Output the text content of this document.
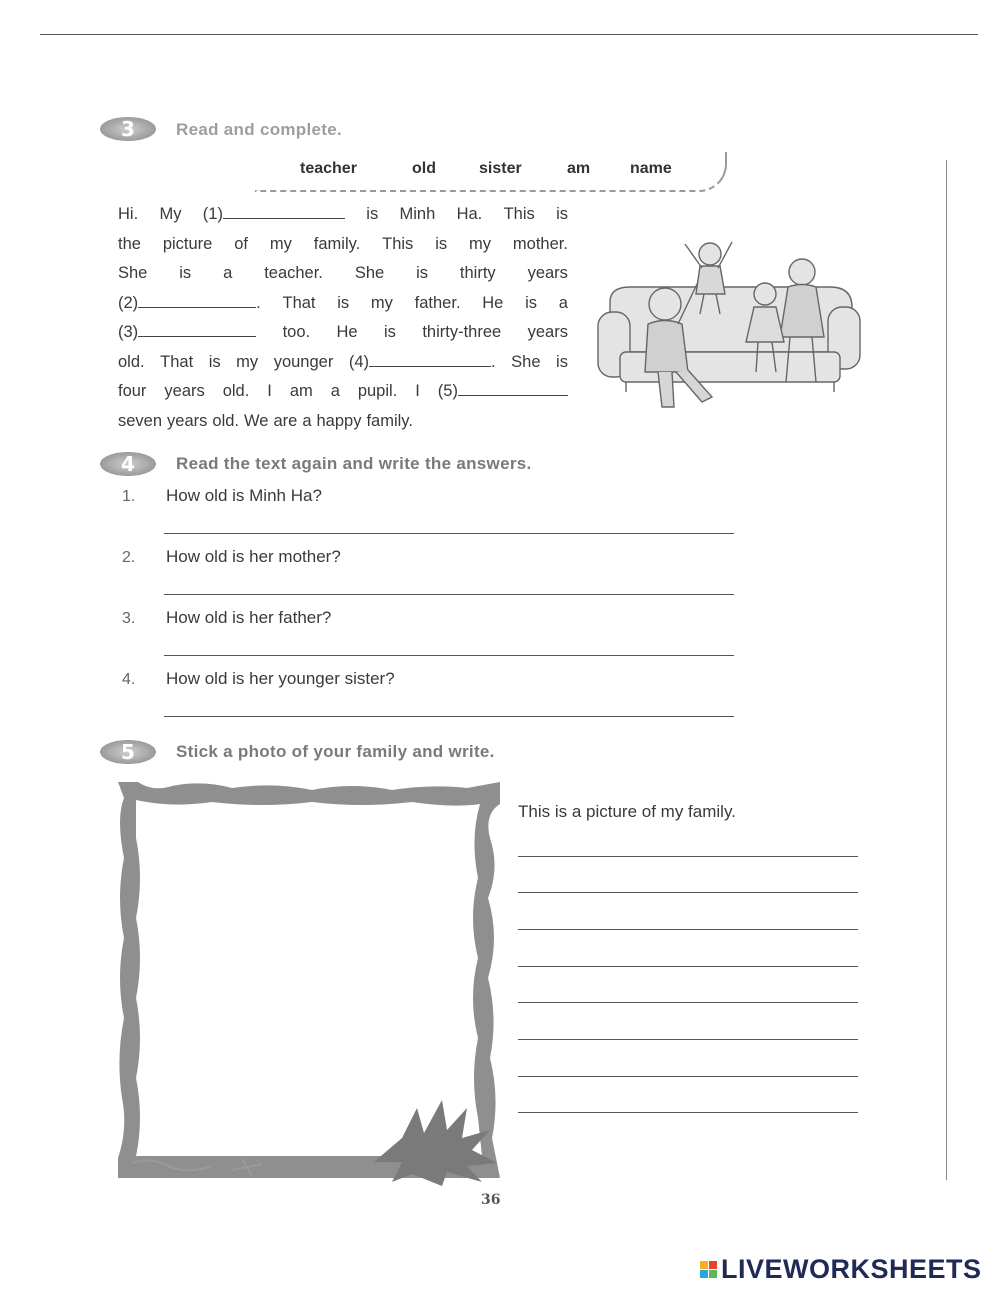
3	Read and complete.
teacher	old	sister	am name
Hi. My (1)	is Minh Ha. This is
the picture of my family. This is my mother.
She is a teacher. She is thirty years
(2)	. That is my father. He is a
(3)	too. He is thirty-three years
old. That is my younger (4)	. She is
four years old. I am a pupil. I (5)
seven years old. We are a happy family.
4	Read the text again and write the answers.
1. How old is Minh Ha?
2. How old is her mother?
3. How old is her father?
4. How old is her younger sister?
5	Stick a photo of your family and write.
This is a picture of my family.
36
LIVEWORKSHEETS
